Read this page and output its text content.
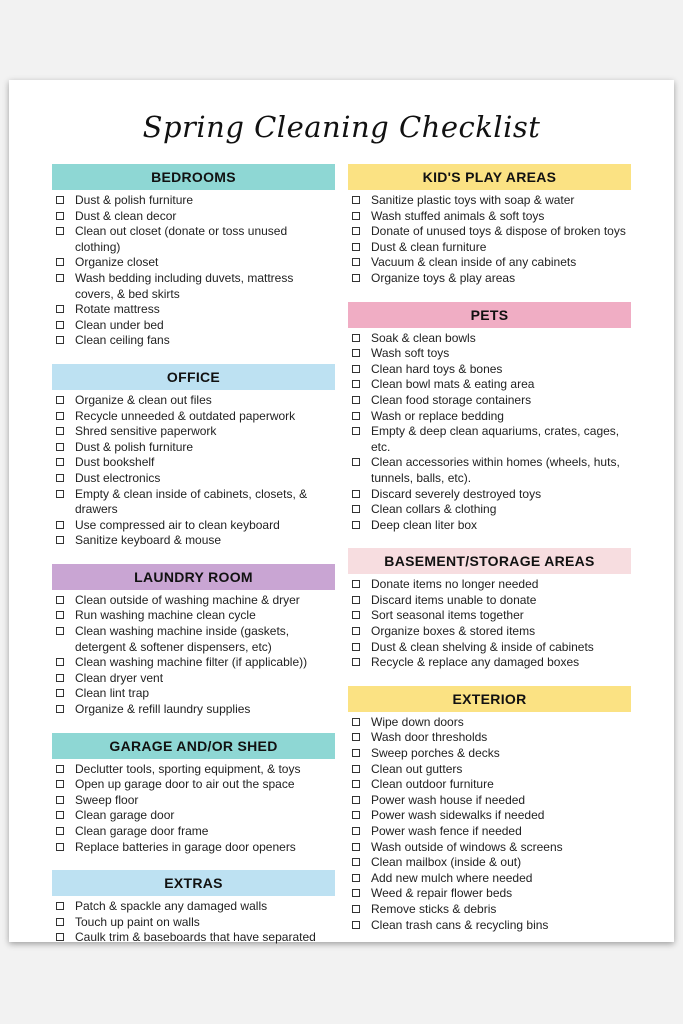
Spring Cleaning Checklist
BEDROOMS
Dust & polish furniture
Dust & clean decor
Clean out closet (donate or toss unused clothing)
Organize closet
Wash bedding including duvets, mattress covers, & bed skirts
Rotate mattress
Clean under bed
Clean ceiling fans
OFFICE
Organize & clean out files
Recycle unneeded & outdated paperwork
Shred sensitive paperwork
Dust & polish furniture
Dust bookshelf
Dust electronics
Empty & clean inside of cabinets, closets, & drawers
Use compressed air to clean keyboard
Sanitize keyboard & mouse
LAUNDRY ROOM
Clean outside of washing machine & dryer
Run washing machine clean cycle
Clean washing machine inside (gaskets, detergent & softener dispensers, etc)
Clean washing machine filter (if applicable))
Clean dryer vent
Clean lint trap
Organize & refill laundry supplies
GARAGE AND/OR SHED
Declutter tools, sporting equipment, & toys
Open up garage door to air out the space
Sweep floor
Clean garage door
Clean garage door frame
Replace batteries in garage door openers
EXTRAS
Patch & spackle any damaged walls
Touch up paint on walls
Caulk trim & baseboards that have separated
KID'S PLAY AREAS
Sanitize plastic toys with soap & water
Wash stuffed animals & soft toys
Donate of unused toys & dispose of broken toys
Dust & clean furniture
Vacuum & clean inside of any cabinets
Organize toys & play areas
PETS
Soak & clean bowls
Wash soft toys
Clean hard toys & bones
Clean bowl mats & eating area
Clean food storage containers
Wash or replace bedding
Empty & deep clean aquariums, crates, cages, etc.
Clean accessories within homes (wheels, huts, tunnels, balls, etc).
Discard severely destroyed toys
Clean collars & clothing
Deep clean liter box
BASEMENT/STORAGE AREAS
Donate items no longer needed
Discard items unable to donate
Sort seasonal items together
Organize boxes & stored items
Dust & clean shelving & inside of cabinets
Recycle & replace any damaged boxes
EXTERIOR
Wipe down doors
Wash door thresholds
Sweep porches & decks
Clean out gutters
Clean outdoor furniture
Power wash house if needed
Power wash sidewalks if needed
Power wash fence if needed
Wash outside of windows & screens
Clean mailbox (inside & out)
Add new mulch where needed
Weed & repair flower beds
Remove sticks & debris
Clean trash cans & recycling bins
